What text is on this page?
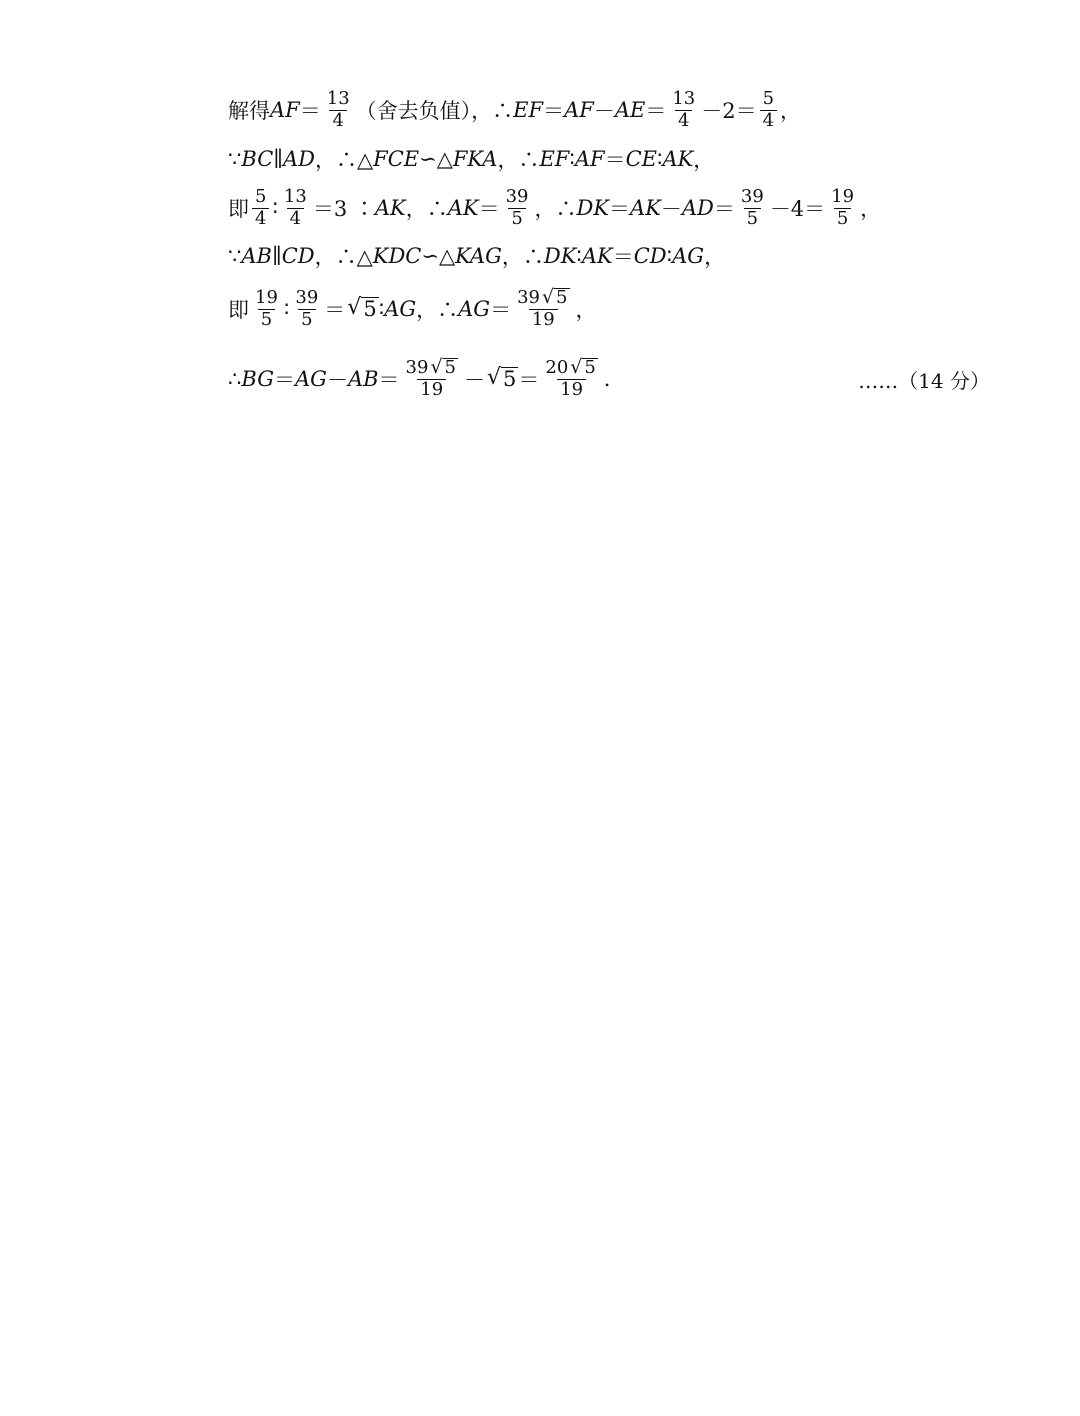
解得 AF ＝ $\frac{13}{4}$ （舍去负值），∴ EF ＝ AF － AE ＝ $\frac{13}{4} -2= \frac{5}{4}$ ，
∵ BC ∥ AD ，∴△ FCE ∽△ FKA ，∴ EF ∶ AF ＝ CE ∶ AK ，
即 $\frac{5}{4}$ ∶ $\frac{13}{4} =3$ ∶ AK ，∴ AK ＝ $\frac{39}{5}$ ，∴ DK ＝ AK － AD ＝ $\frac{39}{5} -4= \frac{19}{5}$ ，
∵ AB ∥ CD ，∴△ KDC ∽△ KAG ，∴ DK ∶ AK ＝ CD ∶ AG ，
即 $\frac{19}{5}$ ∶ $\frac{39}{5}$ ＝ √ 5 ∶ AG ，∴ AG ＝ $\frac{39 √ 5}{19}$ ，
∴ BG ＝ AG － AB ＝ $\frac{39 √ 5}{19}$ － √ $5 = \frac{20 √ 5}{19}$ .	……（14 分）
